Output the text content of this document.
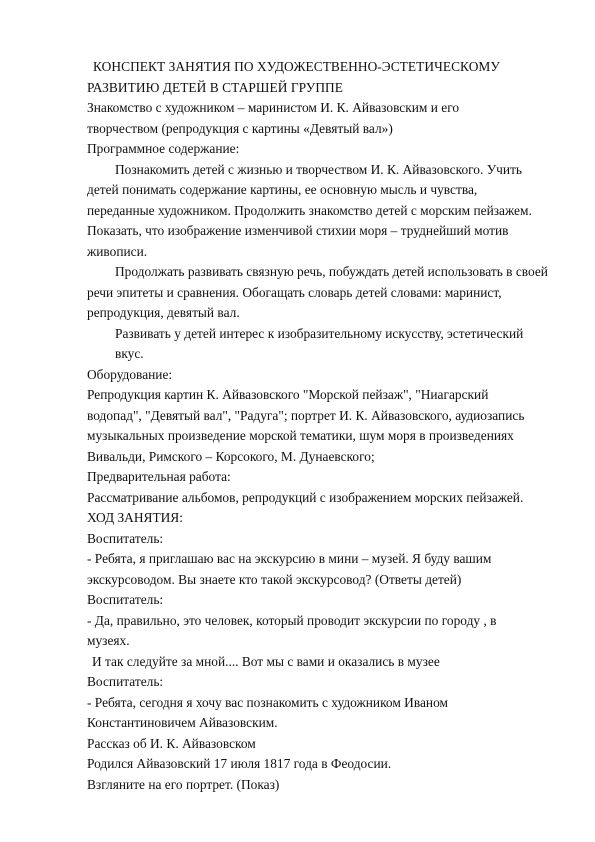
КОНСПЕКТ ЗАНЯТИЯ ПО ХУДОЖЕСТВЕННО-ЭСТЕТИЧЕСКОМУ
РАЗВИТИЮ ДЕТЕЙ В СТАРШЕЙ ГРУППЕ
Знакомство с художником – маринистом И. К. Айвазовским и его
творчеством (репродукция с картины «Девятый вал»)
Программное содержание:
Познакомить детей с жизнью и творчеством И. К. Айвазовского. Учить
детей понимать содержание картины, ее основную мысль и чувства,
переданные художником. Продолжить знакомство детей с морским пейзажем.
Показать, что изображение изменчивой стихии моря – труднейший мотив
живописи.
Продолжать развивать связную речь, побуждать детей использовать в своей
речи эпитеты и сравнения. Обогащать словарь детей словами: маринист,
репродукция, девятый вал.
Развивать у детей интерес к изобразительному искусству, эстетический
вкус.
Оборудование:
Репродукция картин К. Айвазовского "Морской пейзаж", "Ниагарский
водопад", "Девятый вал", "Радуга"; портрет И. К. Айвазовского, аудиозапись
музыкальных произведение морской тематики, шум моря в произведениях
Вивальди, Римского – Корсокого, М. Дунаевского;
Предварительная работа:
Рассматривание альбомов, репродукций с изображением морских пейзажей.
ХОД ЗАНЯТИЯ:
Воспитатель:
- Ребята, я приглашаю вас на экскурсию в мини – музей. Я буду вашим
экскурсоводом. Вы знаете кто такой экскурсовод? (Ответы детей)
Воспитатель:
- Да, правильно, это человек, который проводит экскурсии по городу , в
музеях.
И так следуйте за мной.... Вот мы с вами и оказались в музее
Воспитатель:
- Ребята, сегодня я хочу вас познакомить с художником Иваном
Константиновичем Айвазовским.
Рассказ об И. К. Айвазовском
Родился Айвазовский 17 июля 1817 года в Феодосии.
Взгляните на его портрет. (Показ)
